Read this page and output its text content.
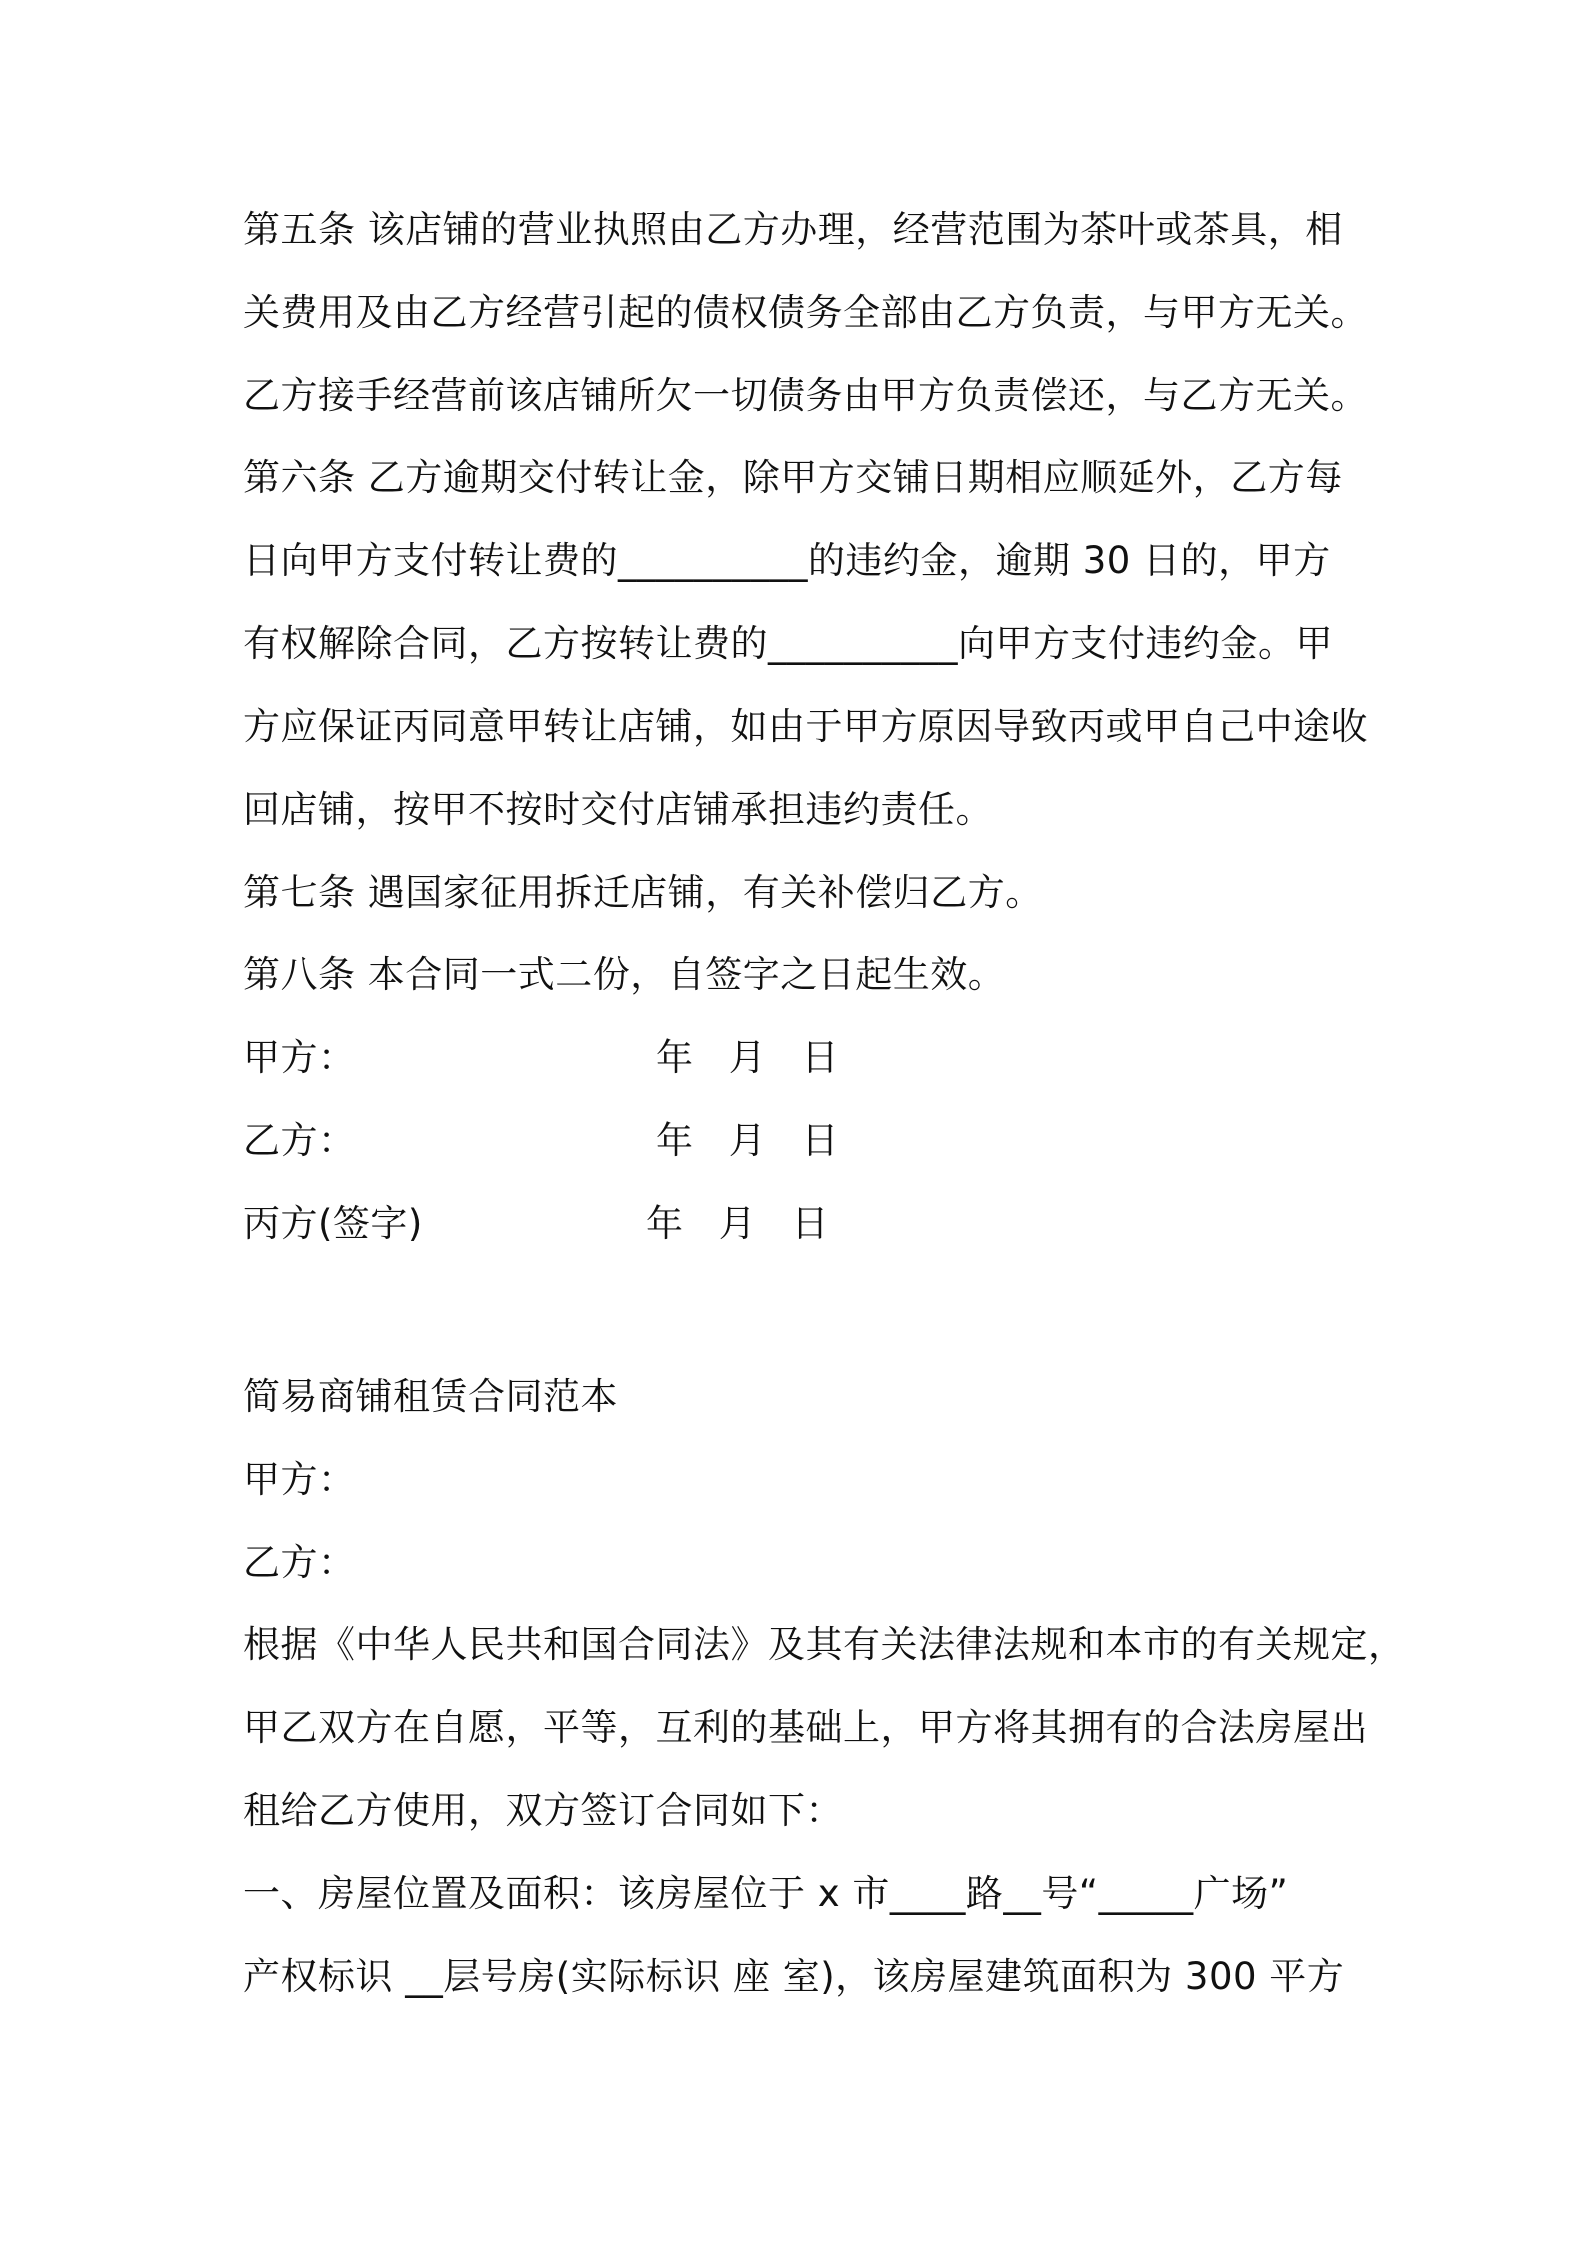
第五条 该店铺的营业执照由乙方办理，经营范围为茶叶或茶具，相
关费用及由乙方经营引起的债权债务全部由乙方负责，与甲方无关。
乙方接手经营前该店铺所欠一切债务由甲方负责偿还，与乙方无关。
第六条 乙方逾期交付转让金，除甲方交铺日期相应顺延外，乙方每
日向甲方支付转让费的__________的违约金，逾期 30 日的，甲方
有权解除合同，乙方按转让费的__________向甲方支付违约金。甲
方应保证丙同意甲转让店铺，如由于甲方原因导致丙或甲自己中途收
回店铺，按甲不按时交付店铺承担违约责任。
第七条 遇国家征用拆迁店铺，有关补偿归乙方。
第八条 本合同一式二份，自签字之日起生效。
甲方：	年 月 日
乙方：	年 月 日
丙方(签字)	年 月 日
简易商铺租赁合同范本
甲方：
乙方：
根据《中华人民共和国合同法》及其有关法律法规和本市的有关规定，
甲乙双方在自愿，平等，互利的基础上，甲方将其拥有的合法房屋出
租给乙方使用，双方签订合同如下：
一、房屋位置及面积：该房屋位于 x 市____路__号“_____广场”
产权标识 __层号房(实际标识 座 室)，该房屋建筑面积为 300 平方
